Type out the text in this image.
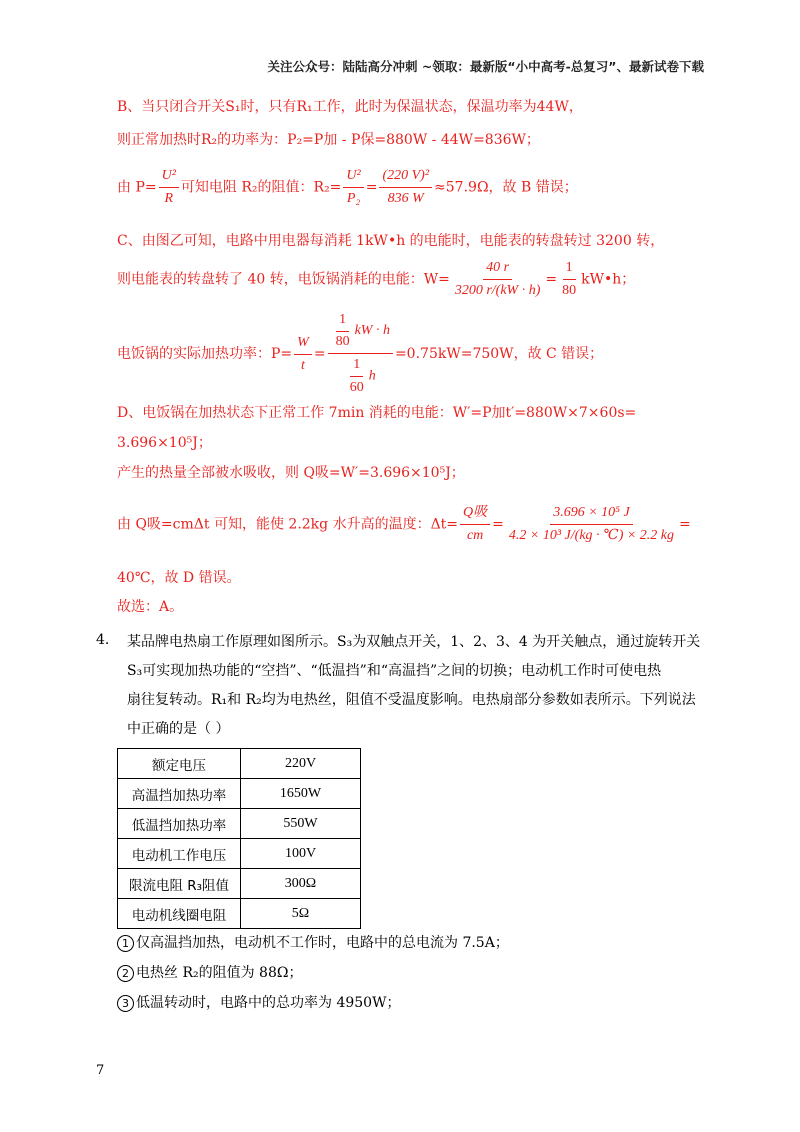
关注公众号：陆陆高分冲刺 ~领取：最新版“小中高考-总复习”、最新试卷下载
B、当只闭合开关S₁时，只有R₁工作，此时为保温状态，保温功率为44W，
则正常加热时R₂的功率为：P₂=P加 - P保=880W - 44W=836W；
由 $P= \frac{\text{U²}}{R}$ 可知电阻 R₂的阻值：$R_2= \frac{\text{U²}}{\text{P₂}} = \frac{\text{(220 V)²}}{836 W} \approx 57.9\Omega$，故 B 错误；
C、由图乙可知，电路中用电器每消耗 1kW•h 的电能时，电能表的转盘转过 3200 转，
则电能表的转盘转了 40 转，电饭锅消耗的电能：$W= \frac{40 r}{3200 r/(kW \cdot h)} = \frac{1}{80}$ kW•h；
电饭锅的实际加热功率：$P= \frac{W}{t} = \frac{\frac{1}{80} kW \cdot h}{\frac{1}{60} h} =0.75kW=750W$，故 C 错误；
D、电饭锅在加热状态下正常工作 7min 消耗的电能：W′=P加t′=880W×7×60s=
3.696×10⁵J；
产生的热量全部被水吸收，则 Q吸=W′=3.696×10⁵J；
由 Q吸=cmΔt 可知，能使 2.2kg 水升高的温度：$\Delta t= \frac{\text{Q吸}}{cm} = \frac{\text{3.696 × 10⁵ J}}{\text{4.2 × 10³ J/(kg · ℃) × 2.2 kg}}$ =
40℃，故 D 错误。
故选：A。
4. 某品牌电热扇工作原理如图所示。S₃为双触点开关，1、2、3、4 为开关触点，通过旋转开关
S₃可实现加热功能的“空挡”、“低温挡”和“高温挡”之间的切换；电动机工作时可使电热
扇往复转动。R₁和 R₂均为电热丝，阻值不受温度影响。电热扇部分参数如表所示。下列说法
中正确的是（ ）
额定电压	220V
高温挡加热功率	1650W
低温挡加热功率	550W
电动机工作电压	100V
限流电阻 R₃阻值	300Ω
电动机线圈电阻	5Ω
1 仅高温挡加热，电动机不工作时，电路中的总电流为 7.5A；
2 电热丝 R₂的阻值为 88Ω；
3 低温转动时，电路中的总功率为 4950W；
7
